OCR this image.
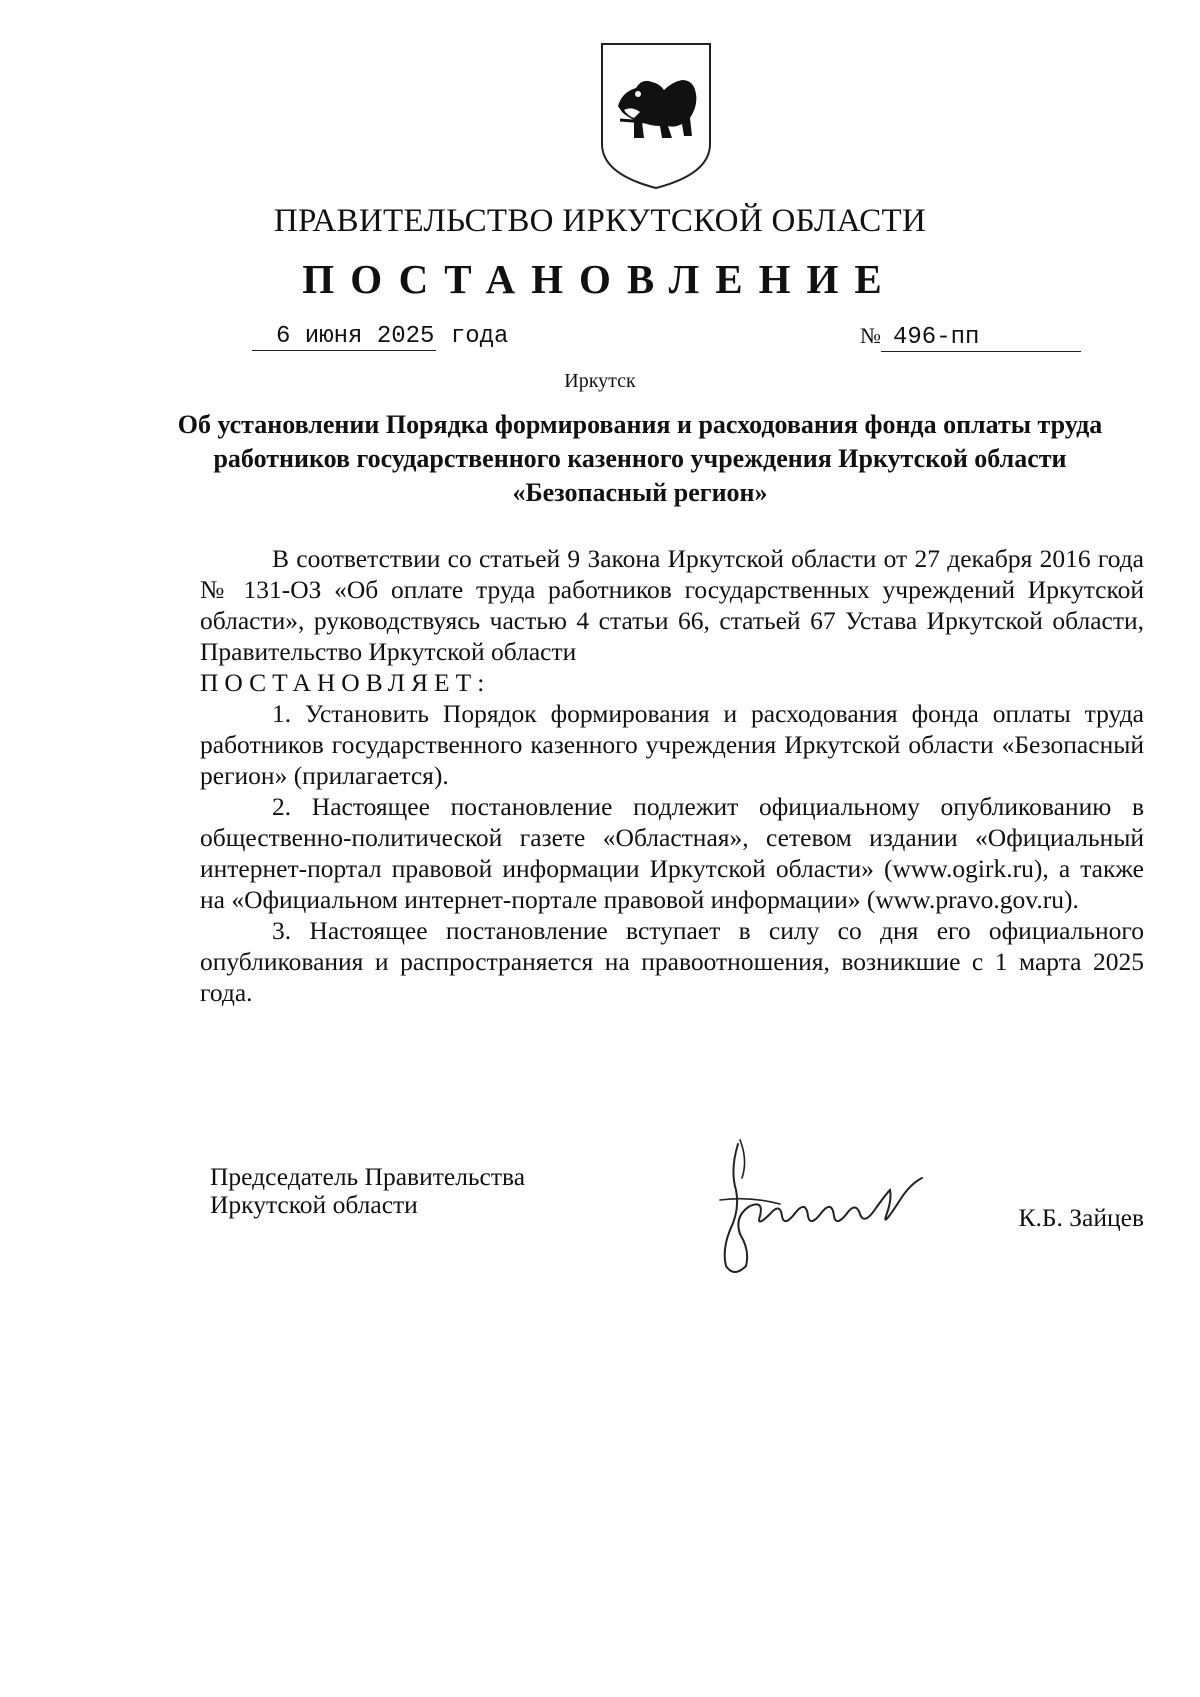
ПРАВИТЕЛЬСТВО ИРКУТСКОЙ ОБЛАСТИ
ПОСТАНОВЛЕНИЕ
6 июня 2025 года	№ 496-пп
Иркутск
Об установлении Порядка формирования и расходования фонда оплаты труда работников государственного казенного учреждения Иркутской области «Безопасный регион»

В соответствии со статьей 9 Закона Иркутской области от 27 декабря 2016 года № 131-ОЗ «Об оплате труда работников государственных учреждений Иркутской области», руководствуясь частью 4 статьи 66, статьей 67 Устава Иркутской области, Правительство Иркутской области

ПОСТАНОВЛЯЕТ:

1. Установить Порядок формирования и расходования фонда оплаты труда работников государственного казенного учреждения Иркутской области «Безопасный регион» (прилагается).

2. Настоящее постановление подлежит официальному опубликованию в общественно-политической газете «Областная», сетевом издании «Официальный интернет-портал правовой информации Иркутской области» (www.ogirk.ru), а также на «Официальном интернет-портале правовой информации» (www.pravo.gov.ru).

3. Настоящее постановление вступает в силу со дня его официального опубликования и распространяется на правоотношения, возникшие с 1 марта 2025 года.

Председатель Правительства
Иркутской области	К.Б. Зайцев
